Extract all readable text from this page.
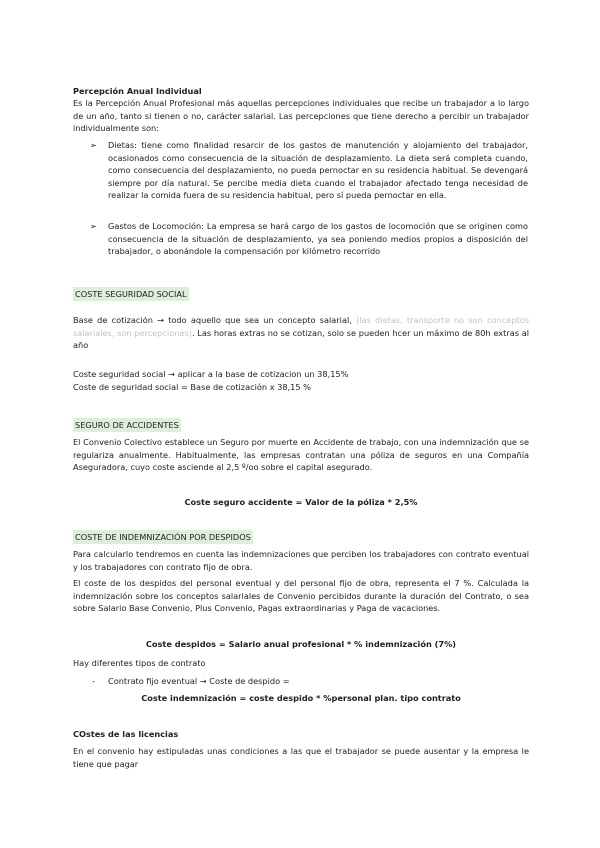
Percepción Anual Individual
Es la Percepción Anual Profesional más aquellas percepciones individuales que recibe un trabajador a lo largo de un año, tanto si tienen o no, carácter salarial. Las percepciones que tiene derecho a percibir un trabajador individualmente son:
➢ Dietas: tiene como finalidad resarcir de los gastos de manutención y alojamiento del trabajador, ocasionados como consecuencia de la situación de desplazamiento. La dieta será completa cuando, como consecuencia del desplazamiento, no pueda pernoctar en su residencia habitual. Se devengará siempre por día natural. Se percibe media dieta cuando el trabajador afectado tenga necesidad de realizar la comida fuera de su residencia habitual, pero sí pueda pernoctar en ella.
➢ Gastos de Locomoción: La empresa se hará cargo de los gastos de locomoción que se originen como consecuencia de la situación de desplazamiento, ya sea poniendo medios propios a disposición del trabajador, o abonándole la compensación por kilómetro recorrido
COSTE SEGURIDAD SOCIAL
Base de cotización → todo aquello que sea un concepto salarial, (las dietas, transporte no son conceptos salariales, son percepciones). Las horas extras no se cotizan, solo se pueden hcer un máximo de 80h extras al año
Coste seguridad social → aplicar a la base de cotizacion un 38,15%
Coste de seguridad social = Base de cotización x 38,15 %
SEGURO DE ACCIDENTES
El Convenio Colectivo establece un Seguro por muerte en Accidente de trabajo, con una indemnización que se regulariza anualmente. Habitualmente, las empresas contratan una póliza de seguros en una Compañía Aseguradora, cuyo coste asciende al 2,5 º/oo sobre el capital asegurado.
Coste seguro accidente = Valor de la póliza * 2,5%
COSTE DE INDEMNIZACIÓN POR DESPIDOS
Para calcularlo tendremos en cuenta las indemnizaciones que perciben los trabajadores con contrato eventual y los trabajadores con contrato fijo de obra.
El coste de los despidos del personal eventual y del personal fijo de obra, representa el 7 %. Calculada la indemnización sobre los conceptos salariales de Convenio percibidos durante la duración del Contrato, o sea sobre Salario Base Convenio, Plus Convenio, Pagas extraordinarias y Paga de vacaciones.
Coste despidos = Salario anual profesional * % indemnización (7%)
Hay diferentes tipos de contrato
- Contrato fijo eventual → Coste de despido =
Coste indemnización = coste despido * %personal plan. tipo contrato
COstes de las licencias
En el convenio hay estipuladas unas condiciones a las que el trabajador se puede ausentar y la empresa le tiene que pagar
